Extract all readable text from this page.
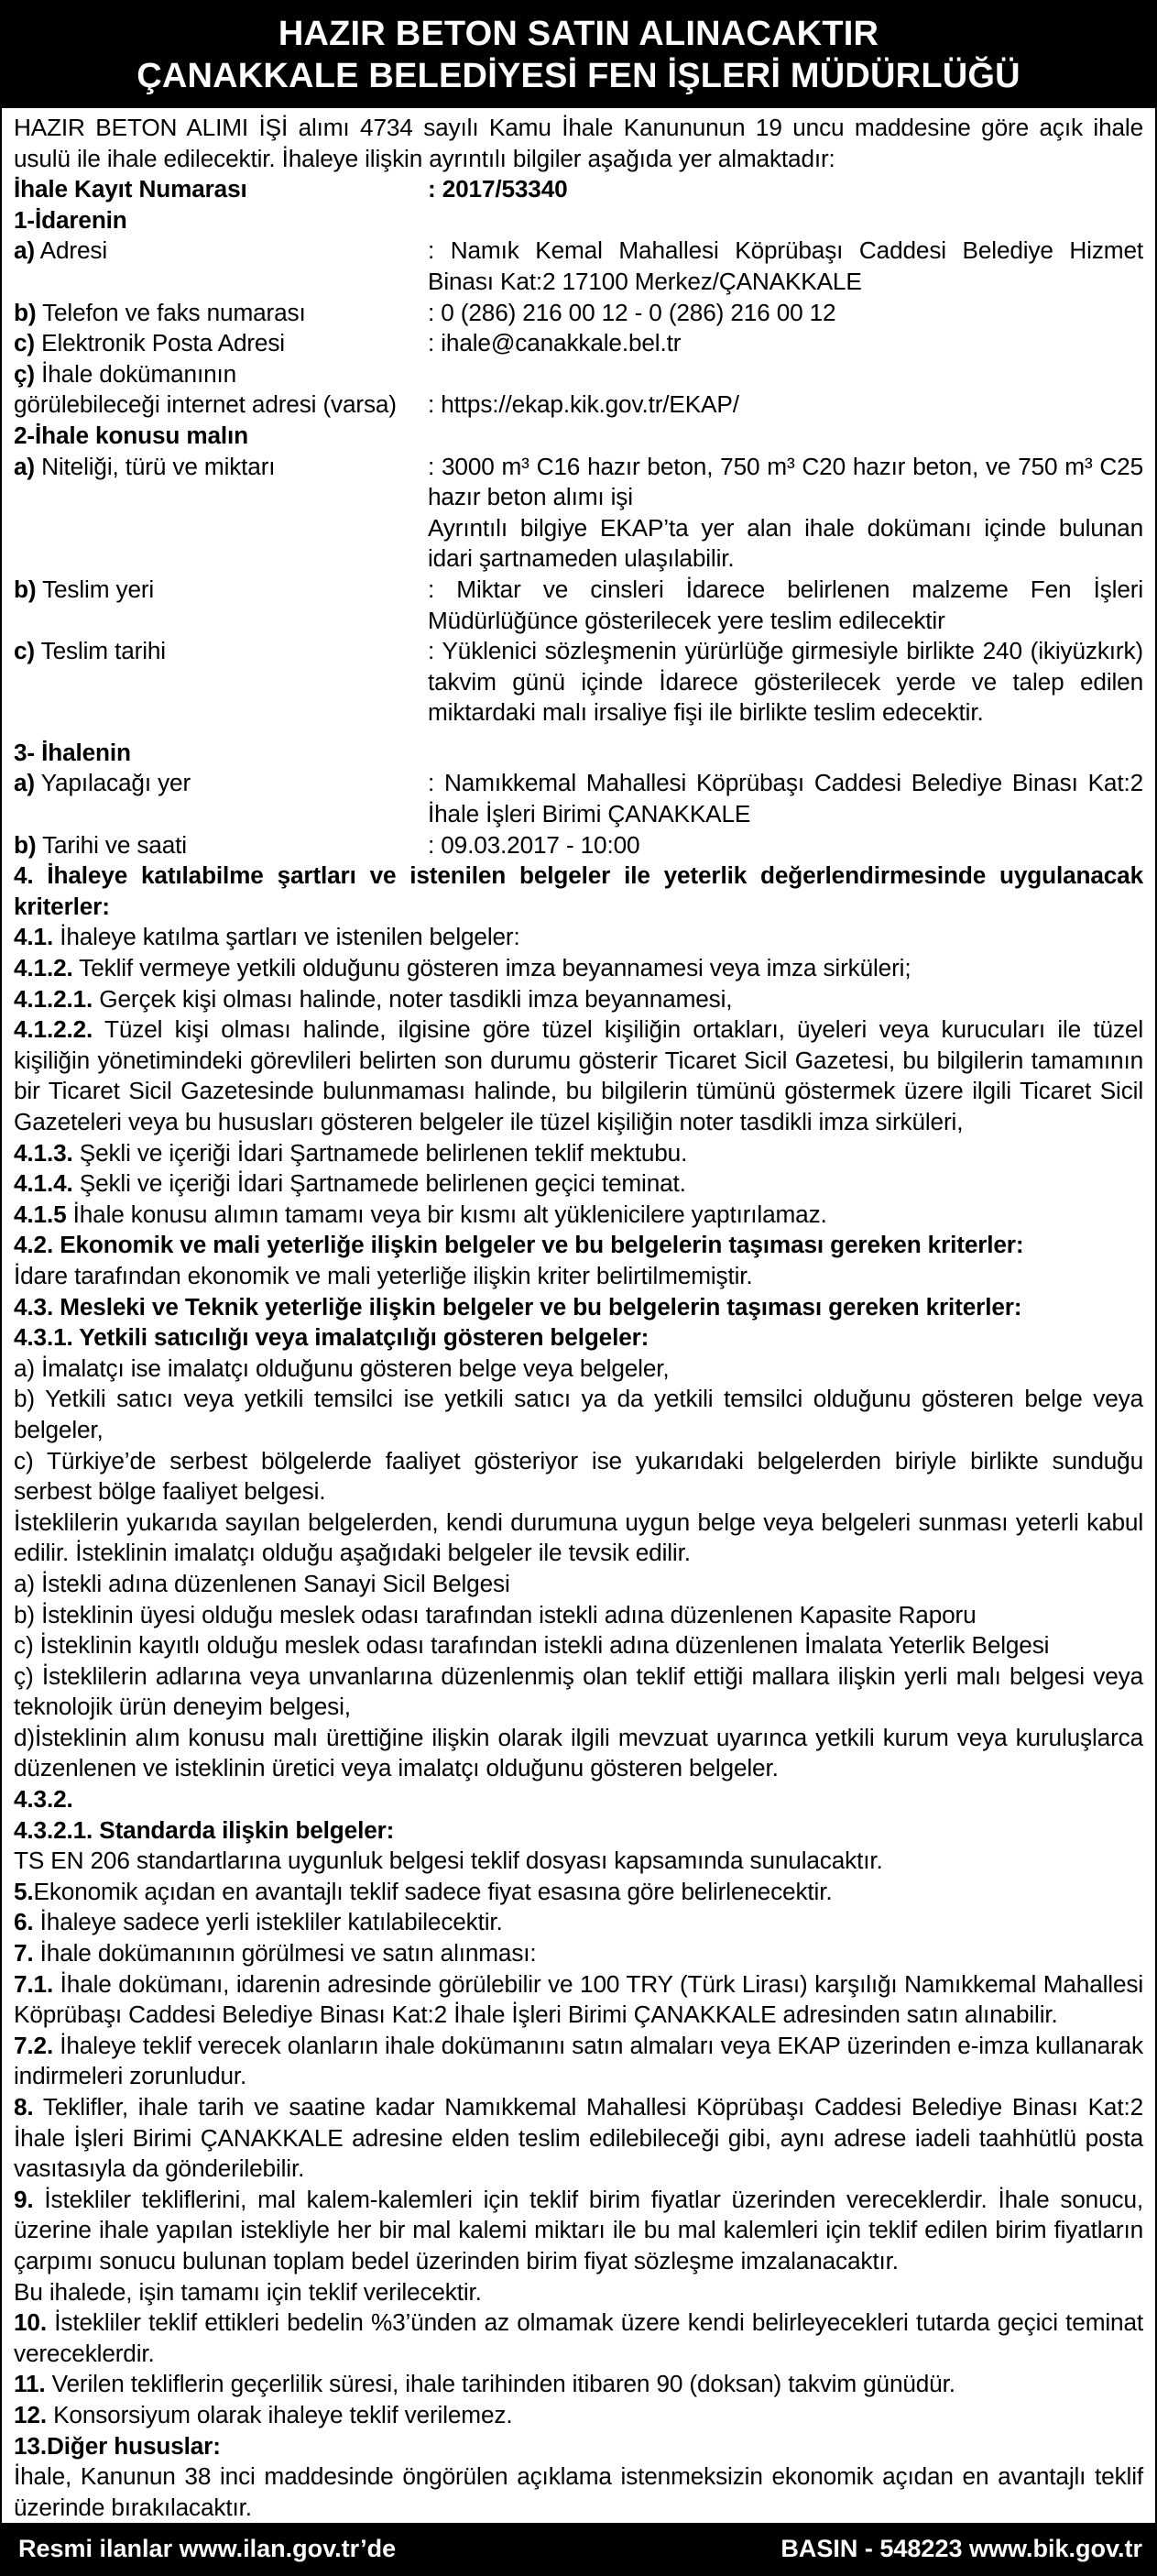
HAZIR BETON SATIN ALINACAKTIR
ÇANAKKALE BELEDİYESİ FEN İŞLERİ MÜDÜRLÜĞÜ
HAZIR BETON ALIMI İŞİ alımı 4734 sayılı Kamu İhale Kanununun 19 uncu maddesine göre açık ihale usulü ile ihale edilecektir. İhaleye ilişkin ayrıntılı bilgiler aşağıda yer almaktadır:
İhale Kayıt Numarası	: 2017/53340
1-İdarenin
a) Adresi	: Namık Kemal Mahallesi Köprübaşı Caddesi Belediye Hizmet Binası Kat:2 17100 Merkez/ÇANAKKALE
b) Telefon ve faks numarası	: 0 (286) 216 00 12 - 0 (286) 216 00 12
c) Elektronik Posta Adresi	: ihale@canakkale.bel.tr
ç) İhale dokümanının
görülebileceği internet adresi (varsa)	: https://ekap.kik.gov.tr/EKAP/
2-İhale konusu malın
a) Niteliği, türü ve miktarı	: 3000 m³ C16 hazır beton, 750 m³ C20 hazır beton, ve 750 m³ C25 hazır beton alımı işi
Ayrıntılı bilgiye EKAP’ta yer alan ihale dokümanı içinde bulunan idari şartnameden ulaşılabilir.
b) Teslim yeri	: Miktar ve cinsleri İdarece belirlenen malzeme Fen İşleri Müdürlüğünce gösterilecek yere teslim edilecektir
c) Teslim tarihi	: Yüklenici sözleşmenin yürürlüğe girmesiyle birlikte 240 (ikiyüzkırk) takvim günü içinde İdarece gösterilecek yerde ve talep edilen miktardaki malı irsaliye fişi ile birlikte teslim edecektir.
3- İhalenin
a) Yapılacağı yer	: Namıkkemal Mahallesi Köprübaşı Caddesi Belediye Binası Kat:2 İhale İşleri Birimi ÇANAKKALE
b) Tarihi ve saati	: 09.03.2017 - 10:00
4. İhaleye katılabilme şartları ve istenilen belgeler ile yeterlik değerlendirmesinde uygulanacak kriterler:
4.1. İhaleye katılma şartları ve istenilen belgeler:
4.1.2. Teklif vermeye yetkili olduğunu gösteren imza beyannamesi veya imza sirküleri;
4.1.2.1. Gerçek kişi olması halinde, noter tasdikli imza beyannamesi,
4.1.2.2. Tüzel kişi olması halinde, ilgisine göre tüzel kişiliğin ortakları, üyeleri veya kurucuları ile tüzel kişiliğin yönetimindeki görevlileri belirten son durumu gösterir Ticaret Sicil Gazetesi, bu bilgilerin tamamının bir Ticaret Sicil Gazetesinde bulunmaması halinde, bu bilgilerin tümünü göstermek üzere ilgili Ticaret Sicil Gazeteleri veya bu hususları gösteren belgeler ile tüzel kişiliğin noter tasdikli imza sirküleri,
4.1.3. Şekli ve içeriği İdari Şartnamede belirlenen teklif mektubu.
4.1.4. Şekli ve içeriği İdari Şartnamede belirlenen geçici teminat.
4.1.5 İhale konusu alımın tamamı veya bir kısmı alt yüklenicilere yaptırılamaz.
4.2. Ekonomik ve mali yeterliğe ilişkin belgeler ve bu belgelerin taşıması gereken kriterler:
İdare tarafından ekonomik ve mali yeterliğe ilişkin kriter belirtilmemiştir.
4.3. Mesleki ve Teknik yeterliğe ilişkin belgeler ve bu belgelerin taşıması gereken kriterler:
4.3.1. Yetkili satıcılığı veya imalatçılığı gösteren belgeler:
a) İmalatçı ise imalatçı olduğunu gösteren belge veya belgeler,
b) Yetkili satıcı veya yetkili temsilci ise yetkili satıcı ya da yetkili temsilci olduğunu gösteren belge veya belgeler,
c) Türkiye’de serbest bölgelerde faaliyet gösteriyor ise yukarıdaki belgelerden biriyle birlikte sunduğu serbest bölge faaliyet belgesi.
İsteklilerin yukarıda sayılan belgelerden, kendi durumuna uygun belge veya belgeleri sunması yeterli kabul edilir. İsteklinin imalatçı olduğu aşağıdaki belgeler ile tevsik edilir.
a) İstekli adına düzenlenen Sanayi Sicil Belgesi
b) İsteklinin üyesi olduğu meslek odası tarafından istekli adına düzenlenen Kapasite Raporu
c) İsteklinin kayıtlı olduğu meslek odası tarafından istekli adına düzenlenen İmalata Yeterlik Belgesi
ç) İsteklilerin adlarına veya unvanlarına düzenlenmiş olan teklif ettiği mallara ilişkin yerli malı belgesi veya teknolojik ürün deneyim belgesi,
d)İsteklinin alım konusu malı ürettiğine ilişkin olarak ilgili mevzuat uyarınca yetkili kurum veya kuruluşlarca düzenlenen ve isteklinin üretici veya imalatçı olduğunu gösteren belgeler.
4.3.2.
4.3.2.1. Standarda ilişkin belgeler:
TS EN 206 standartlarına uygunluk belgesi teklif dosyası kapsamında sunulacaktır.
5.Ekonomik açıdan en avantajlı teklif sadece fiyat esasına göre belirlenecektir.
6. İhaleye sadece yerli istekliler katılabilecektir.
7. İhale dokümanının görülmesi ve satın alınması:
7.1. İhale dokümanı, idarenin adresinde görülebilir ve 100 TRY (Türk Lirası) karşılığı Namıkkemal Mahallesi Köprübaşı Caddesi Belediye Binası Kat:2 İhale İşleri Birimi ÇANAKKALE adresinden satın alınabilir.
7.2. İhaleye teklif verecek olanların ihale dokümanını satın almaları veya EKAP üzerinden e-imza kullanarak indirmeleri zorunludur.
8. Teklifler, ihale tarih ve saatine kadar Namıkkemal Mahallesi Köprübaşı Caddesi Belediye Binası Kat:2 İhale İşleri Birimi ÇANAKKALE adresine elden teslim edilebileceği gibi, aynı adrese iadeli taahhütlü posta vasıtasıyla da gönderilebilir.
9. İstekliler tekliflerini, mal kalem-kalemleri için teklif birim fiyatlar üzerinden vereceklerdir. İhale sonucu, üzerine ihale yapılan istekliyle her bir mal kalemi miktarı ile bu mal kalemleri için teklif edilen birim fiyatların çarpımı sonucu bulunan toplam bedel üzerinden birim fiyat sözleşme imzalanacaktır.
Bu ihalede, işin tamamı için teklif verilecektir.
10. İstekliler teklif ettikleri bedelin %3’ünden az olmamak üzere kendi belirleyecekleri tutarda geçici teminat vereceklerdir.
11. Verilen tekliflerin geçerlilik süresi, ihale tarihinden itibaren 90 (doksan) takvim günüdür.
12. Konsorsiyum olarak ihaleye teklif verilemez.
13.Diğer hususlar:
İhale, Kanunun 38 inci maddesinde öngörülen açıklama istenmeksizin ekonomik açıdan en avantajlı teklif üzerinde bırakılacaktır.
Resmi ilanlar www.ilan.gov.tr’de	BASIN - 548223 www.bik.gov.tr
